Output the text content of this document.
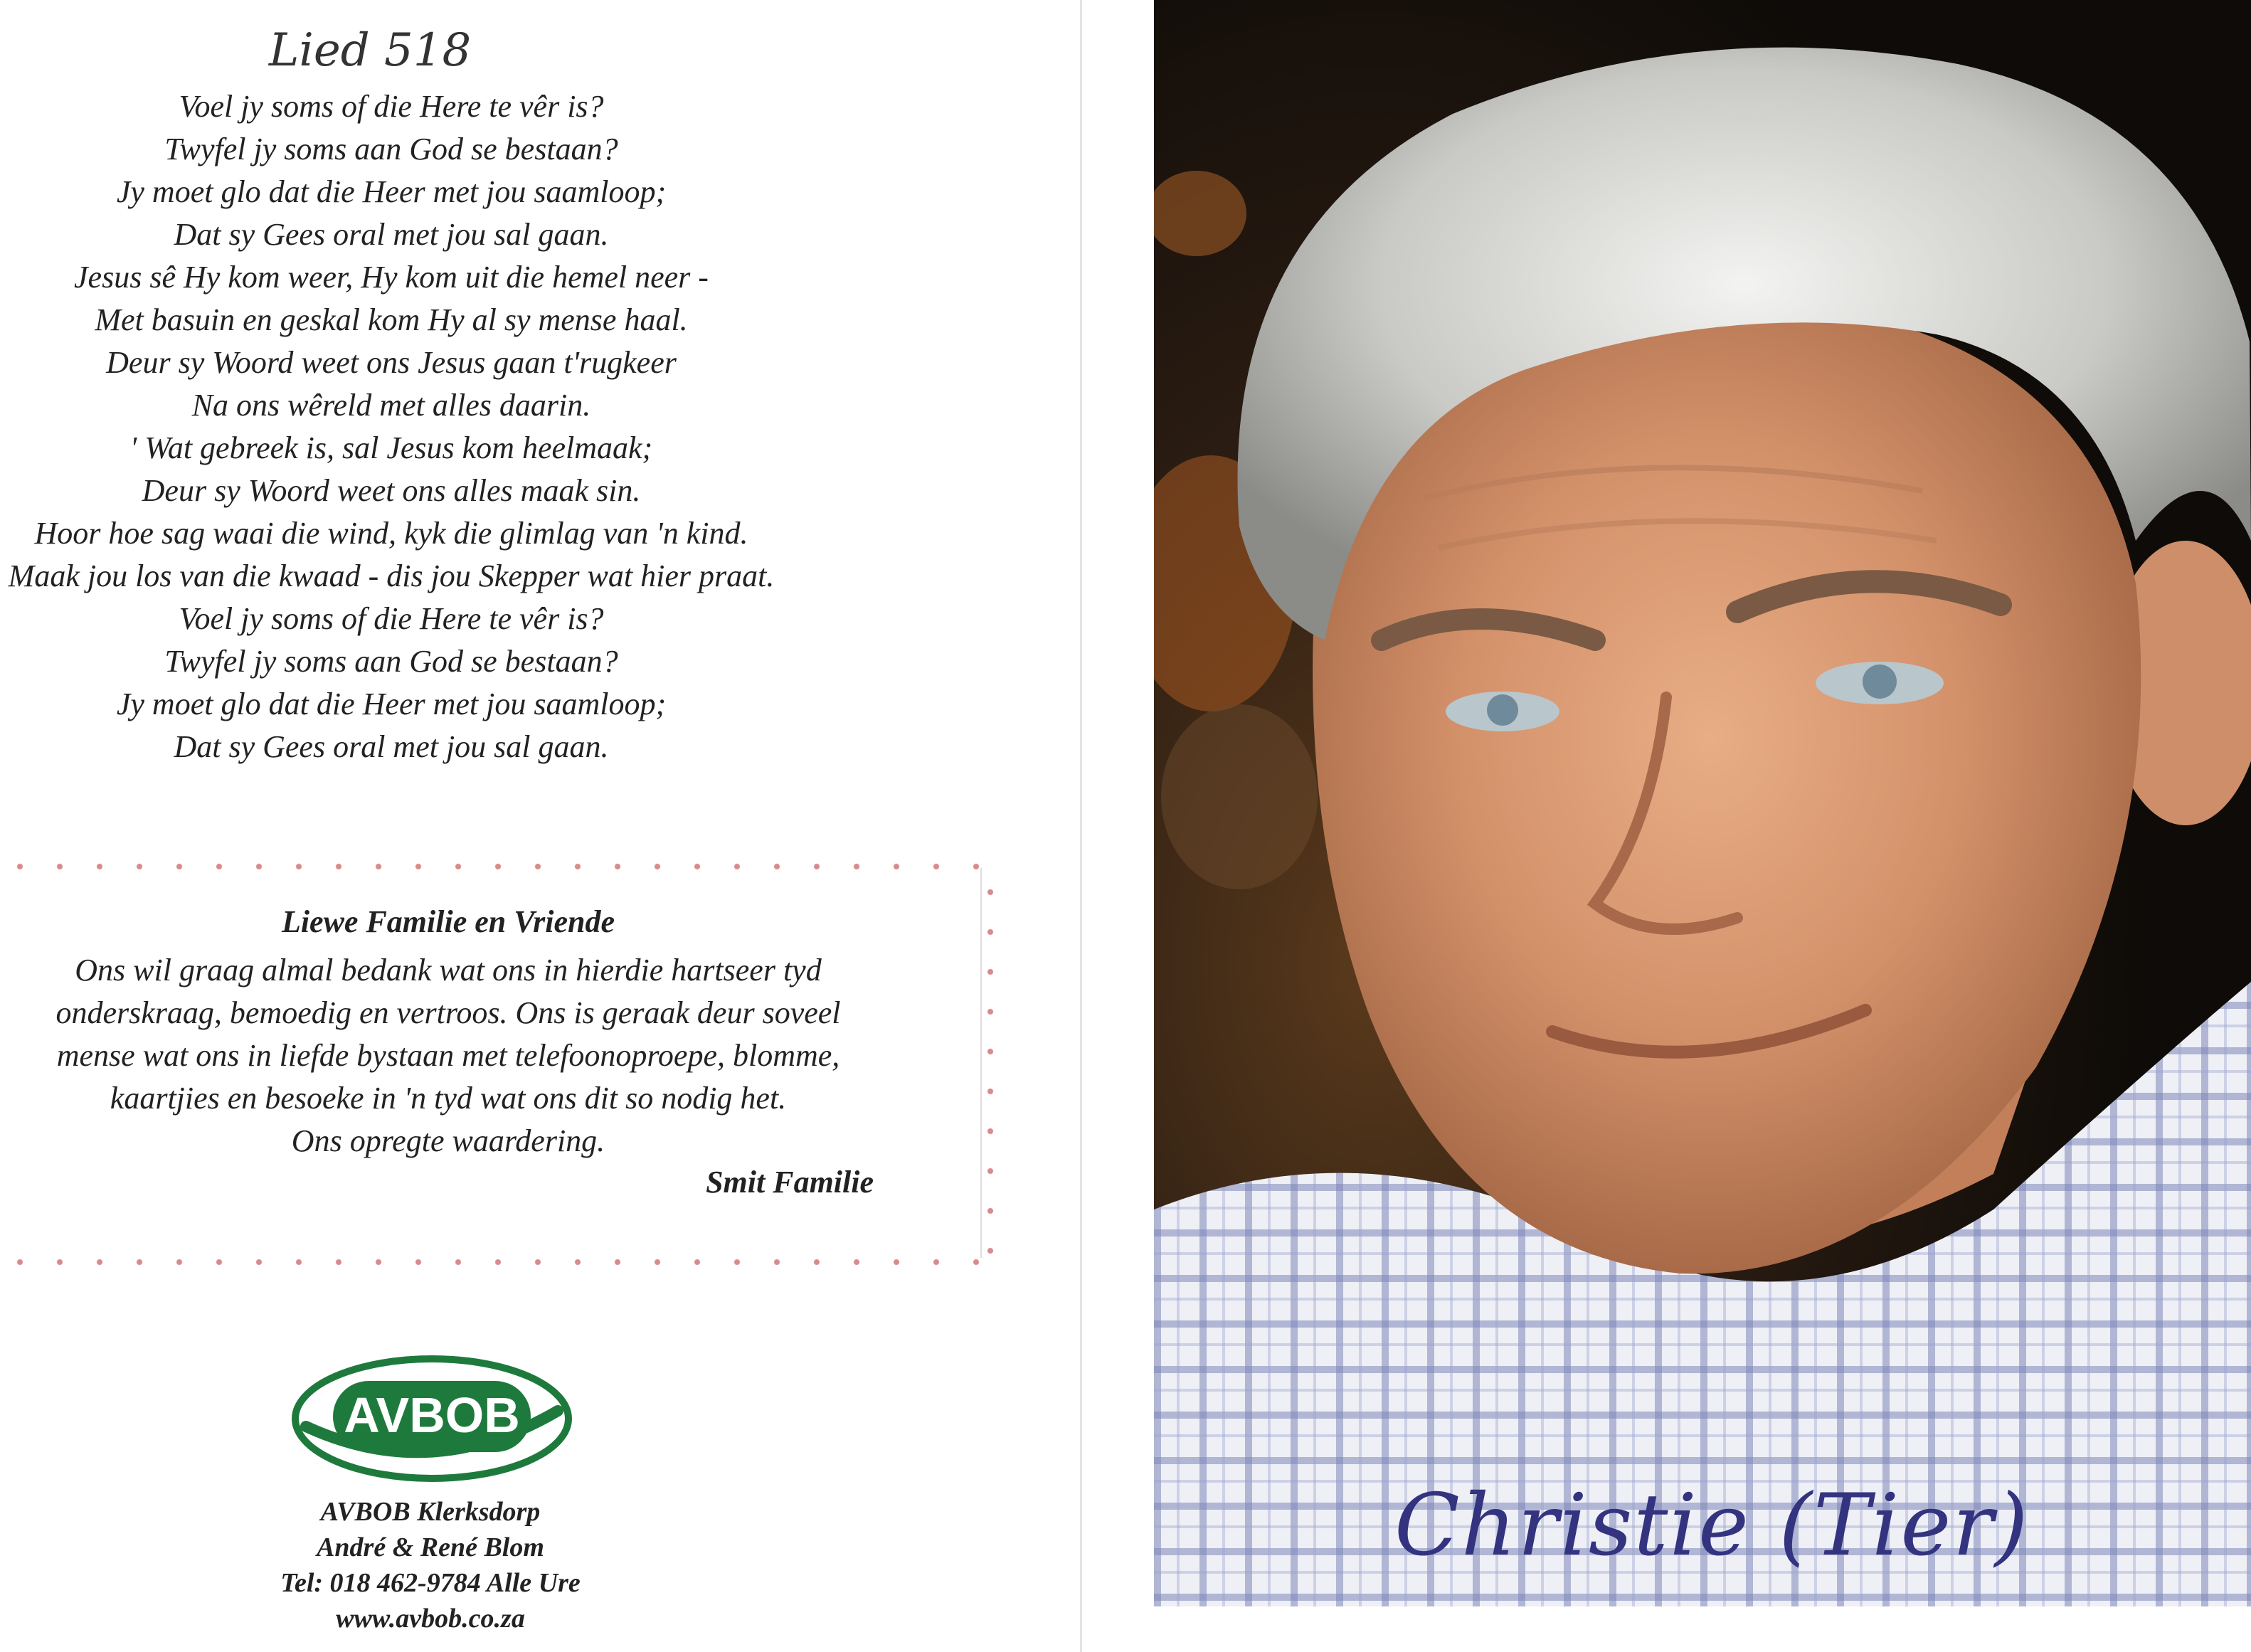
Lied 518
Voel jy soms of die Here te vêr is?
Twyfel jy soms aan God se bestaan?
Jy moet glo dat die Heer met jou saamloop;
Dat sy Gees oral met jou sal gaan.
Jesus sê Hy kom weer, Hy kom uit die hemel neer -
Met basuin en geskal kom Hy al sy mense haal.
Deur sy Woord weet ons Jesus gaan t'rugkeer
Na ons wêreld met alles daarin.
' Wat gebreek is, sal Jesus kom heelmaak;
Deur sy Woord weet ons alles maak sin.
Hoor hoe sag waai die wind, kyk die glimlag van 'n kind.
Maak jou los van die kwaad - dis jou Skepper wat hier praat.
Voel jy soms of die Here te vêr is?
Twyfel jy soms aan God se bestaan?
Jy moet glo dat die Heer met jou saamloop;
Dat sy Gees oral met jou sal gaan.
Liewe Familie en Vriende
Ons wil graag almal bedank wat ons in hierdie hartseer tyd
onderskraag, bemoedig en vertroos. Ons is geraak deur soveel
mense wat ons in liefde bystaan met telefoonoproepe, blomme,
kaartjies en besoeke in 'n tyd wat ons dit so nodig het.
Ons opregte waardering.
Smit Familie
AVBOB
AVBOB Klerksdorp
André & René Blom
Tel: 018 462-9784 Alle Ure
www.avbob.co.za
Christie (Tier)
